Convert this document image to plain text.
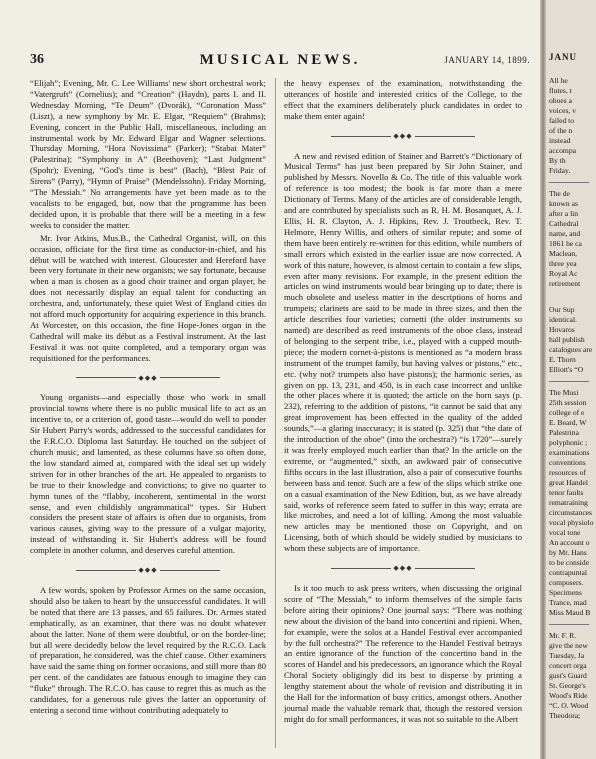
36	MUSICAL NEWS.	JANUARY 14, 1899.

“Elijah”; Evening, Mr. C. Lee Williams' new short orchestral work; “Vatergruft” (Cornelius); and “Creation” (Haydn), parts I. and II. Wednesday Morning, “Te Deum” (Dvorák), “Coronation Mass” (Liszt), a new symphony by Mr. E. Elgar, “Requiem” (Brahms); Evening, concert in the Public Hall, miscellaneous, including an instrumental work by Mr. Edward Elgar and Wagner selections. Thursday Morning, “Hora Novissima” (Parker); “Stabat Mater” (Palestrina); “Symphony in A” (Beethoven); “Last Judgment” (Spohr); Evening, “God's time is best” (Bach), “Blest Pair of Sirens” (Parry), “Hymn of Praise” (Mendelssohn). Friday Morning, “The Messiah.” No arrangements have yet been made as to the vocalists to be engaged, but, now that the programme has been decided upon, it is probable that there will be a meeting in a few weeks to consider the matter.

Mr. Ivor Atkins, Mus.B., the Cathedral Organist, will, on this occasion, officiate for the first time as conductor-in-chief, and his début will be watched with interest. Gloucester and Hereford have been very fortunate in their new organists; we say fortunate, because when a man is chosen as a good choir trainer and organ player, he does not necessarily display an equal talent for conducting an orchestra, and, unfortunately, these quiet West of England cities do not afford much opportunity for acquiring experience in this branch. At Worcester, on this occasion, the fine Hope-Jones organ in the Cathedral will make its début as a Festival instrument. At the last Festival it was not quite completed, and a temporary organ was requisitioned for the performances.

◆◆◆

Young organists—and especially those who work in small provincial towns where there is no public musical life to act as an incentive to, or a criterion of, good taste—would do well to ponder Sir Hubert Parry's words, addressed to the successful candidates for the F.R.C.O. Diploma last Saturday. He touched on the subject of church music, and lamented, as these columns have so often done, the low standard aimed at, compared with the ideal set up widely striven for in other branches of the art. He appealed to organists to be true to their knowledge and convictions; to give no quarter to hymn tunes of the “flabby, incoherent, sentimental in the worst sense, and even childishly ungrammatical” types. Sir Hubert considers the present state of affairs is often due to organists, from various causes, giving way to the pressure of a vulgar majority, instead of withstanding it. Sir Hubert's address will be found complete in another column, and deserves careful attention.

◆◆◆

A few words, spoken by Professor Armes on the same occasion, should also be taken to heart by the unsuccessful candidates. It will be noted that there are 13 passes, and 65 failures. Dr. Armes stated emphatically, as an examiner, that there was no doubt whatever about the latter. None of them were doubtful, or on the border-line; but all were decidedly below the level required by the R.C.O. Lack of preparation, he considered, was the chief cause. Other examiners have said the same thing on former occasions, and still more than 80 per cent. of the candidates are fatuous enough to imagine they can “fluke” through. The R.C.O. has cause to regret this as much as the candidates, for a generous rule gives the latter an opportunity of entering a second time without contributing adequately to

the heavy expenses of the examination, notwithstanding the utterances of hostile and interested critics of the College, to the effect that the examiners deliberately pluck candidates in order to make them enter again!

◆◆◆

A new and revised edition of Stainer and Barrett's “Dictionary of Musical Terms” has just been prepared by Sir John Stainer, and published by Messrs. Novello & Co. The title of this valuable work of reference is too modest; the book is far more than a mere Dictionary of Terms. Many of the articles are of considerable length, and are contributed by specialists such as R. H. M. Bosanquet, A. J. Ellis, H. R. Clayton, A. J. Hipkins, Rev. J. Troutbeck, Rev. T. Helmore, Henry Willis, and others of similar repute; and some of them have been entirely re-written for this edition, while numbers of small errors which existed in the earlier issue are now corrected. A work of this nature, however, is almost certain to contain a few slips, even after many revisions. For example, in the present edition the articles on wind instruments would bear bringing up to date; there is much obsolete and useless matter in the descriptions of horns and trumpets; clarinets are said to be made in three sizes, and then the article describes four varieties; cornetti (the older instruments so named) are described as reed instruments of the oboe class, instead of belonging to the serpent tribe, i.e., played with a cupped mouth-piece; the modern cornet-à-pistons is mentioned as “a modern brass instrument of the trumpet family, but having valves or pistons,” etc., etc. (why not? trumpets also have pistons); the harmonic series, as given on pp. 13, 231, and 450, is in each case incorrect and unlike the other places where it is quoted; the article on the horn says (p. 232), referring to the addition of pistons, “it cannot be said that any great improvement has been effected in the quality of the added sounds,”—a glaring inaccuracy; it is stated (p. 325) that “the date of the introduction of the oboe” (into the orchestra?) “is 1720”—surely it was freely employed much earlier than that? In the article on the extreme, or “augmented,” sixth, an awkward pair of consecutive fifths occurs in the last illustration, also a pair of consecutive fourths between bass and tenor. Such are a few of the slips which strike one on a casual examination of the New Edition, but, as we have already said, works of reference seem fated to suffer in this way; errata are like microbes, and need a lot of killing. Among the most valuable new articles may be mentioned those on Copyright, and on Licensing, both of which should be widely studied by musicians to whom these subjects are of importance.

◆◆◆

Is it too much to ask press writers, when discussing the original score of “The Messiah,” to inform themselves of the simple facts before airing their opinions? One journal says: “There was nothing new about the division of the band into concertini and ripieni. When, for example, were the solos at a Handel Festival ever accompanied by the full orchestra?” The reference to the Handel Festival betrays an entire ignorance of the function of the concertino band in the scores of Handel and his predecessors, an ignorance which the Royal Choral Society obligingly did its best to disperse by printing a lengthy statement about the whole of revision and distributing it in the Hall for the information of busy critics, amongst others. Another journal made the valuable remark that, though the restored version might do for small performances, it was not so suitable to the Albert

JANU
All he
flutes, t
oboes a
voices, v
failed to
of the n
instead
accompa
By th
Friday.
The de
known as
after a lin
Cathedral
name, and
1861 he ca
Maclean,
three yea
Royal Ac
retirement
Our Sup
identical.
Hovaros
hall publish
catalogues are
E. Thorn
Elliott's “O
The Musi
25th session
college of e
E. Beard, W
Palestrina
polyphonic ;
examinations
conventions
resources of
great Handel
tenor faults
rematraining
circumstances
vocal physiolo
vocal tone
An account o
by Mr. Hans
to be conside
contrapuntal
composers.
Specimens
Trance, mad
Miss Maud B
Mr. F. R.
give the new
Tuesday, Ja
concert orga
gust's Guard
St. George's
Wood's Ride
“C. O. Wood
Theodora;
